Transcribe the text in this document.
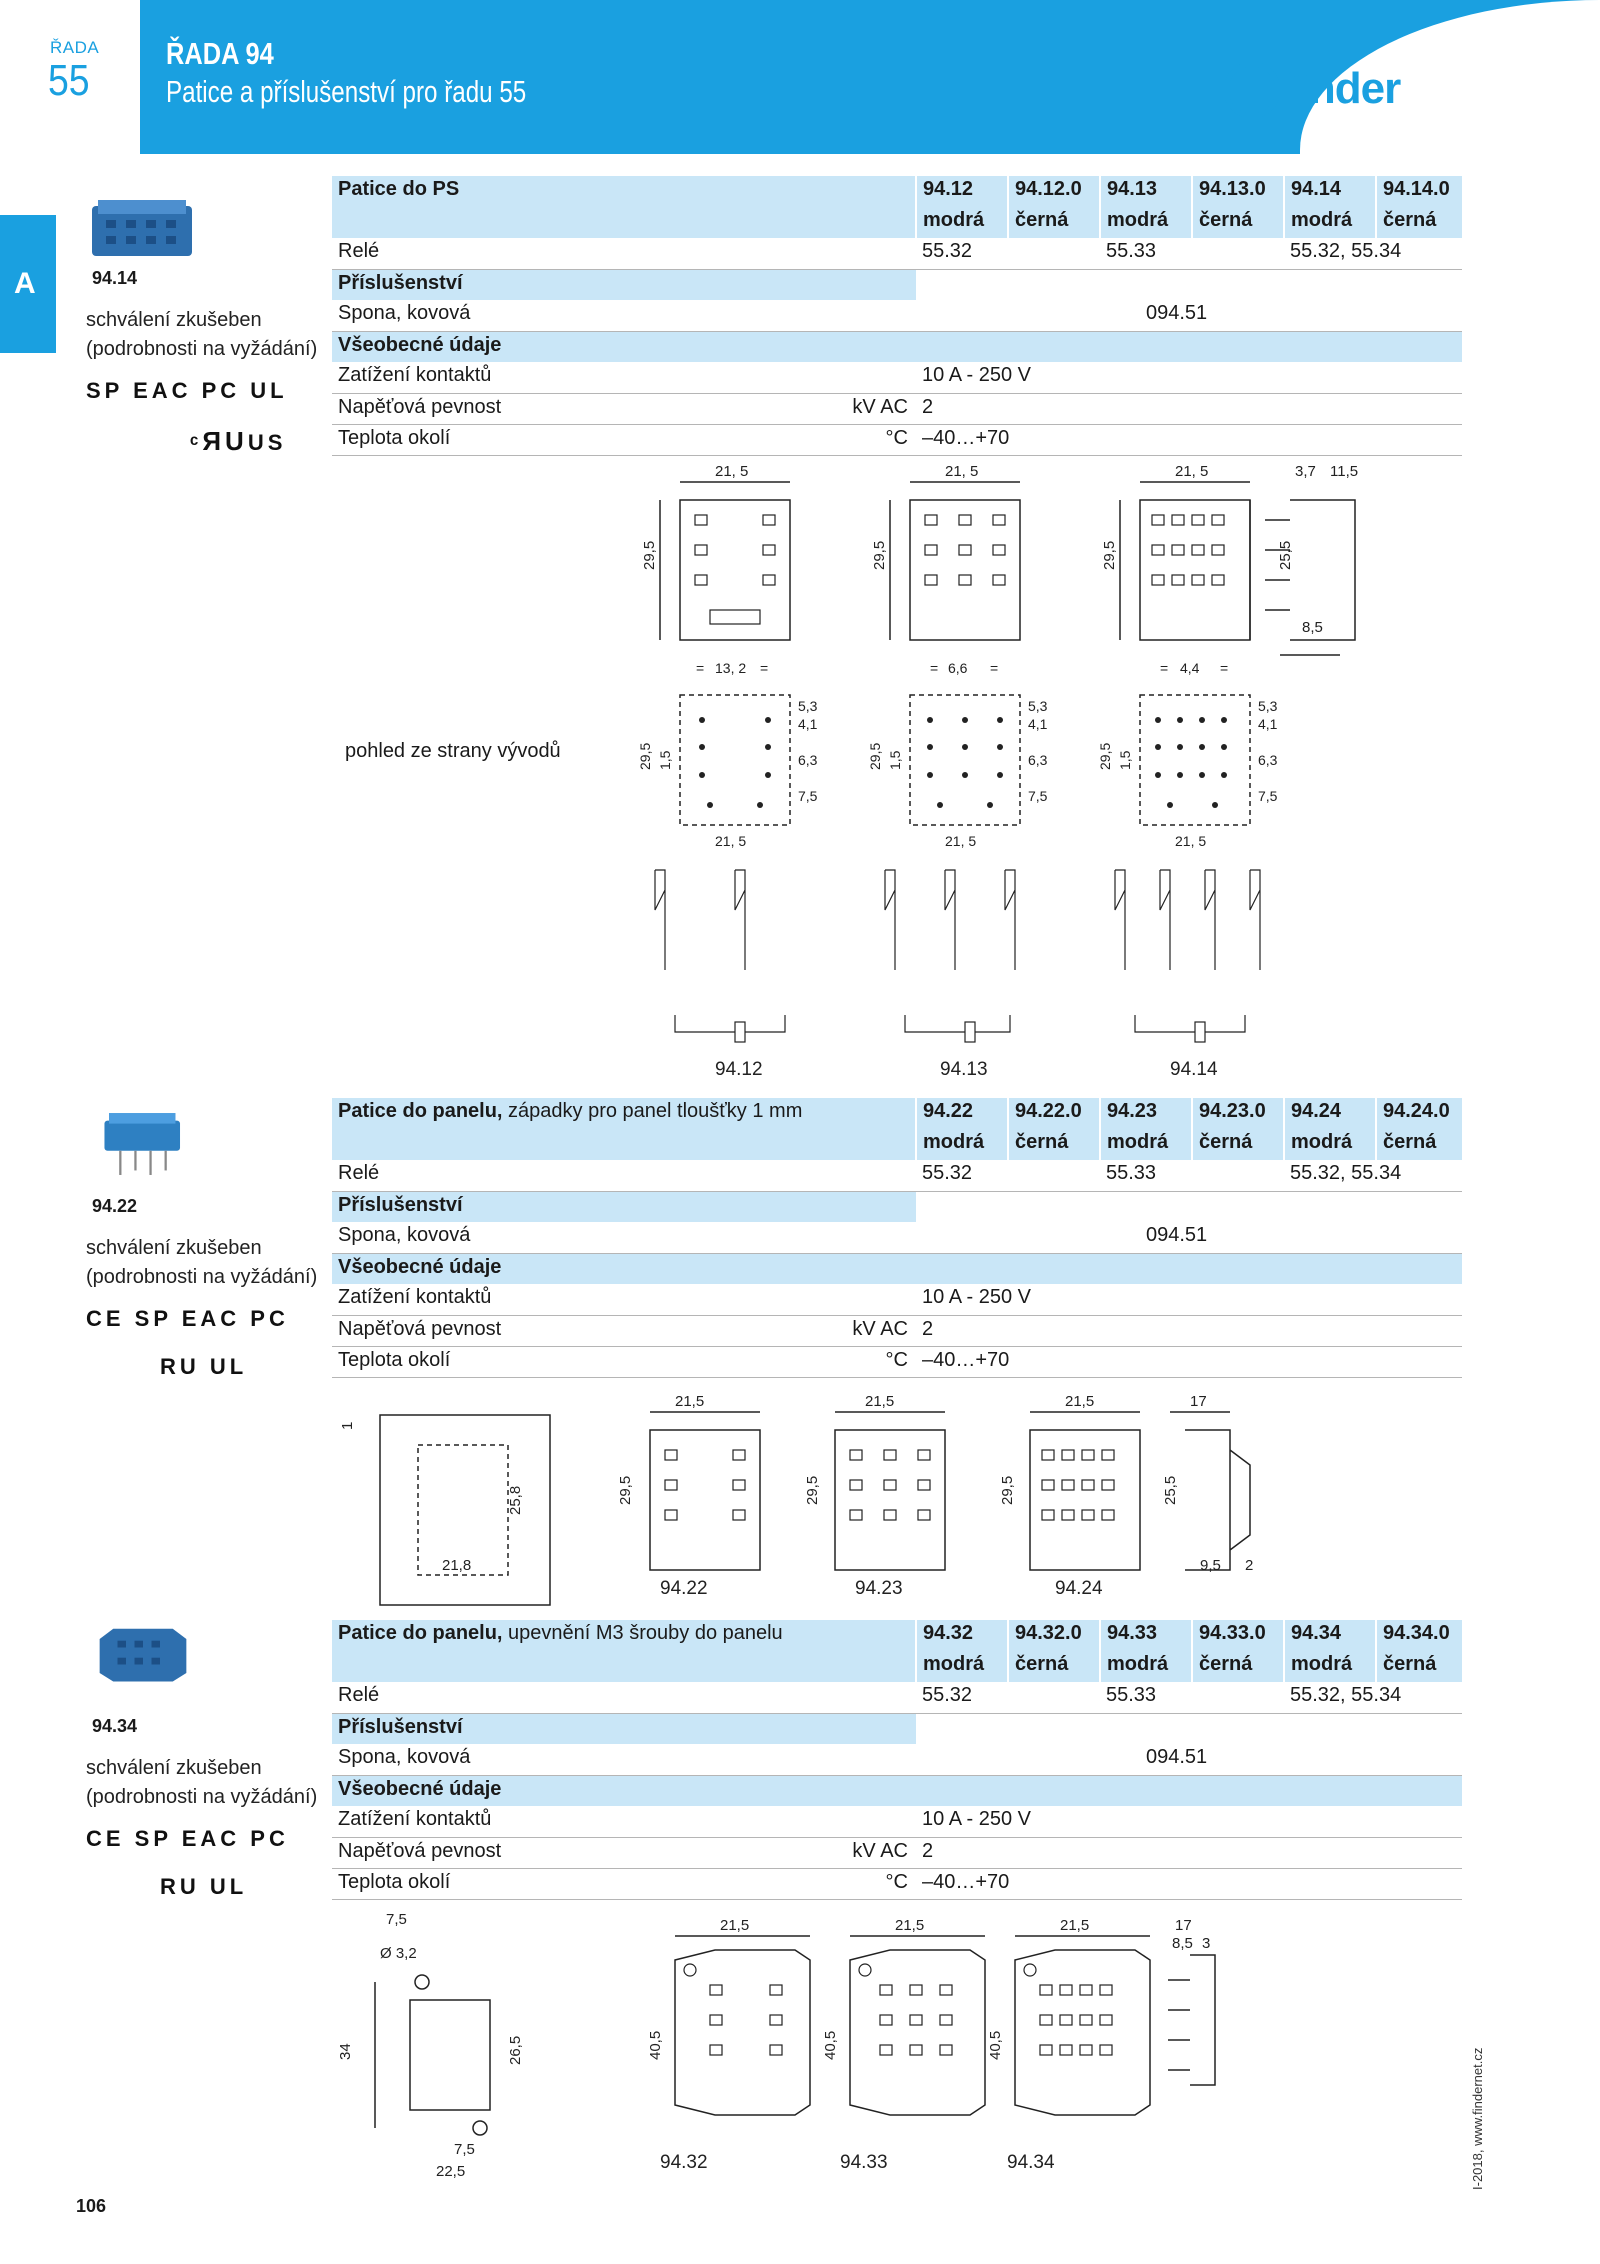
ŘADA
55
ŘADA 94
Patice a příslušenství pro řadu 55	finder
A	94.14
schválení zkušeben
(podrobnosti na vyžádání)
SP EAC PC UL
ᶜЯUUS
Patice do PS		94.12	94.12.0	94.13	94.13.0	94.14	94.14.0
		modrá	černá	modrá	černá	modrá	černá
Relé		55.32		55.33		55.32, 55.34	
Příslušenství							
Spona, kovová		094.51					
Všeobecné údaje							
Zatížení kontaktů		10 A - 250 V					
Napěťová pevnost	kV AC	2					
Teplota okolí	°C	–40…+70					
21, 5	21, 5	21, 5	3,7 11,5
29,5	29,5	29,5	25,5
8,5
pohled ze strany vývodů
= 13, 2 =	= 6,6 =	= 4,4 =
5,3
4,1
6,3
7,5
5,3
4,1
6,3
7,5
5,3
4,1
6,3
7,5
21, 5	21, 5	21, 5
29,5	29,5	29,5
1,5	1,5	1,5
94.12	94.13	94.14
94.22
schválení zkušeben
(podrobnosti na vyžádání)
CE SP EAC PC
RU UL
Patice do panelu, západky pro panel tloušťky 1 mm		94.22	94.22.0	94.23	94.23.0	94.24	94.24.0
		modrá	černá	modrá	černá	modrá	černá
Relé		55.32		55.33		55.32, 55.34	
Příslušenství							
Spona, kovová		094.51					
Všeobecné údaje							
Zatížení kontaktů		10 A - 250 V					
Napěťová pevnost	kV AC	2					
Teplota okolí	°C	–40…+70					
1
25,8
21,8
21,5	21,5	21,5	17
29,5	29,5	29,5	25,5
9,5 2
94.22	94.23	94.24
94.34
schválení zkušeben
(podrobnosti na vyžádání)
CE SP EAC PC
RU UL
Patice do panelu, upevnění M3 šrouby do panelu		94.32	94.32.0	94.33	94.33.0	94.34	94.34.0
		modrá	černá	modrá	černá	modrá	černá
Relé		55.32		55.33		55.32, 55.34	
Příslušenství							
Spona, kovová		094.51					
Všeobecné údaje							
Zatížení kontaktů		10 A - 250 V					
Napěťová pevnost	kV AC	2					
Teplota okolí	°C	–40…+70					
7,5
Ø 3,2
34	26,5
7,5
22,5
21,5	21,5	21,5	17
8,5 3
40,5	40,5	40,5
94.32	94.33	94.34
106
I-2018, www.findernet.cz
